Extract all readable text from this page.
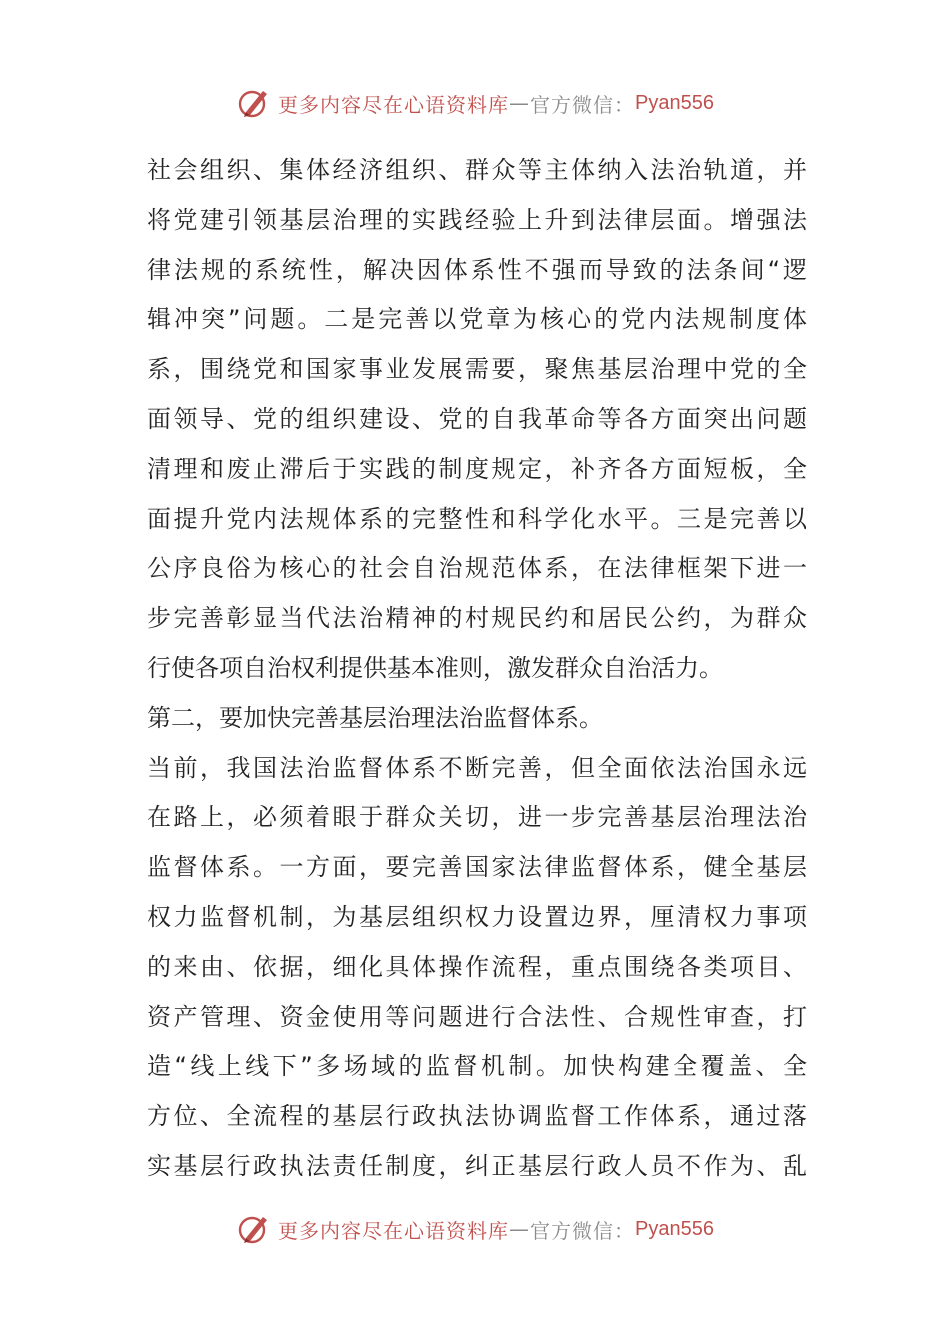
更多内容尽在心语资料库 — 官方微信： Pyan556
社会组织、集体经济组织、群众等主体纳入法治轨道，并
将党建引领基层治理的实践经验上升到法律层面。增强法
律法规的系统性，解决因体系性不强而导致的法条间“逻
辑冲突”问题。二是完善以党章为核心的党内法规制度体
系，围绕党和国家事业发展需要，聚焦基层治理中党的全
面领导、党的组织建设、党的自我革命等各方面突出问题
清理和废止滞后于实践的制度规定，补齐各方面短板，全
面提升党内法规体系的完整性和科学化水平。三是完善以
公序良俗为核心的社会自治规范体系，在法律框架下进一
步完善彰显当代法治精神的村规民约和居民公约，为群众
行使各项自治权利提供基本准则，激发群众自治活力。
第二，要加快完善基层治理法治监督体系。
当前，我国法治监督体系不断完善，但全面依法治国永远
在路上，必须着眼于群众关切，进一步完善基层治理法治
监督体系。一方面，要完善国家法律监督体系，健全基层
权力监督机制，为基层组织权力设置边界，厘清权力事项
的来由、依据，细化具体操作流程，重点围绕各类项目、
资产管理、资金使用等问题进行合法性、合规性审查，打
造“线上线下”多场域的监督机制。加快构建全覆盖、全
方位、全流程的基层行政执法协调监督工作体系，通过落
实基层行政执法责任制度，纠正基层行政人员不作为、乱
更多内容尽在心语资料库 — 官方微信： Pyan556
